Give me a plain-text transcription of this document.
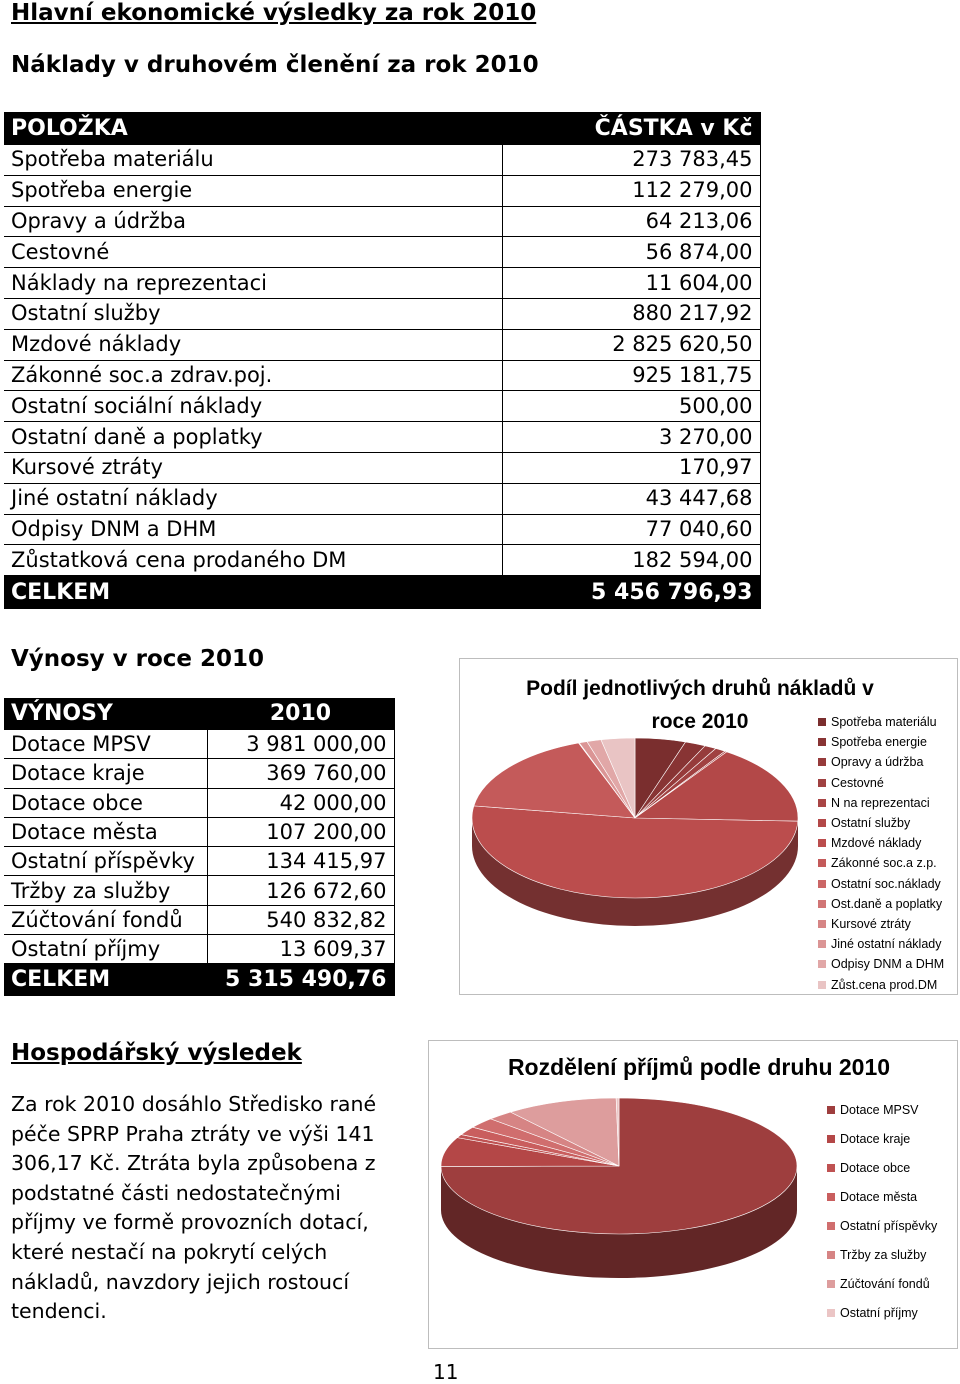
Hlavní ekonomické výsledky za rok 2010
Náklady v druhovém členění za rok 2010
POLOŽKA	ČÁSTKA v Kč
Spotřeba materiálu	273 783,45
Spotřeba energie	112 279,00
Opravy a údržba	64 213,06
Cestovné	56 874,00
Náklady na reprezentaci	11 604,00
Ostatní služby	880 217,92
Mzdové náklady	2 825 620,50
Zákonné soc.a zdrav.poj.	925 181,75
Ostatní sociální náklady	500,00
Ostatní daně a poplatky	3 270,00
Kursové ztráty	170,97
Jiné ostatní náklady	43 447,68
Odpisy DNM a DHM	77 040,60
Zůstatková cena prodaného DM	182 594,00
CELKEM	5 456 796,93
Výnosy v roce 2010
VÝNOSY	2010
Dotace MPSV	3 981 000,00
Dotace kraje	369 760,00
Dotace obce	42 000,00
Dotace města	107 200,00
Ostatní příspěvky	134 415,97
Tržby za služby	126 672,60
Zúčtování fondů	540 832,82
Ostatní příjmy	13 609,37
CELKEM	5 315 490,76
Podíl jednotlivých druhů nákladů v
roce 2010	Spotřeba materiálu
Spotřeba energie
Opravy a údržba
Cestovné
N na reprezentaci
Ostatní služby
Mzdové náklady
Zákonné soc.a z.p.
Ostatní soc.náklady
Ost.daně a poplatky
Kursové ztráty
Jiné ostatní náklady
Odpisy DNM a DHM
Zůst.cena prod.DM
Rozdělení příjmů podle druhu 2010
Dotace MPSV
Dotace kraje
Dotace obce
Dotace města
Ostatní příspěvky
Tržby za služby
Zúčtování fondů
Ostatní příjmy
Hospodářský výsledek
Za rok 2010 dosáhlo Středisko rané péče SPRP Praha ztráty ve výši 141 306,17 Kč. Ztráta byla způsobena z podstatné části nedostatečnými příjmy ve formě provozních dotací, které nestačí na pokrytí celých nákladů, navzdory jejich rostoucí tendenci.
11
